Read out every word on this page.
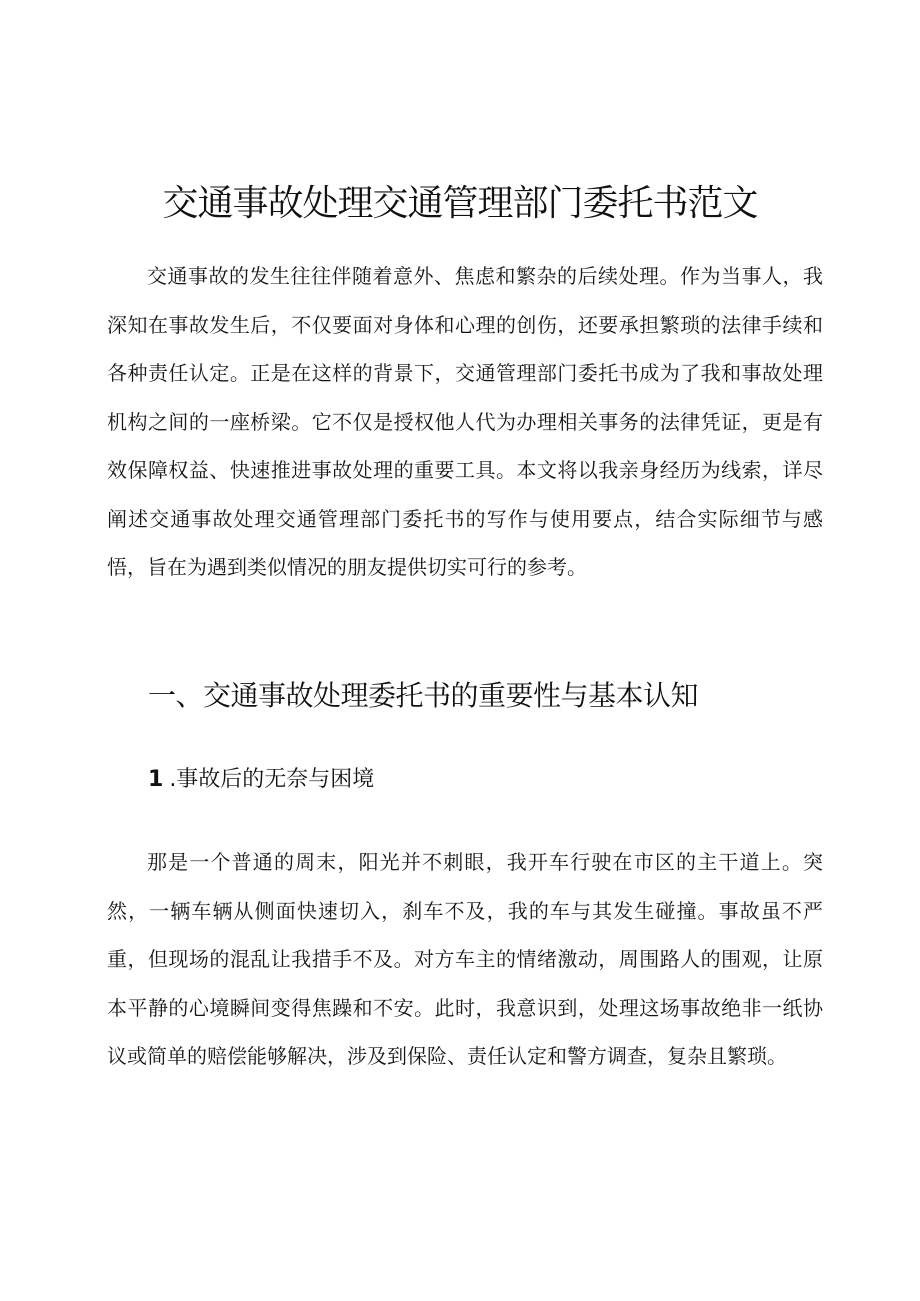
交通事故处理交通管理部门委托书范文

交通事故的发生往往伴随着意外、焦虑和繁杂的后续处理。作为当事人，我深知在事故发生后，不仅要面对身体和心理的创伤，还要承担繁琐的法律手续和各种责任认定。正是在这样的背景下，交通管理部门委托书成为了我和事故处理机构之间的一座桥梁。它不仅是授权他人代为办理相关事务的法律凭证，更是有效保障权益、快速推进事故处理的重要工具。本文将以我亲身经历为线索，详尽阐述交通事故处理交通管理部门委托书的写作与使用要点，结合实际细节与感悟，旨在为遇到类似情况的朋友提供切实可行的参考。

一、交通事故处理委托书的重要性与基本认知
1 .事故后的无奈与困境

那是一个普通的周末，阳光并不刺眼，我开车行驶在市区的主干道上。突然，一辆车辆从侧面快速切入，刹车不及，我的车与其发生碰撞。事故虽不严重，但现场的混乱让我措手不及。对方车主的情绪激动，周围路人的围观，让原本平静的心境瞬间变得焦躁和不安。此时，我意识到，处理这场事故绝非一纸协议或简单的赔偿能够解决，涉及到保险、责任认定和警方调查，复杂且繁琐。
